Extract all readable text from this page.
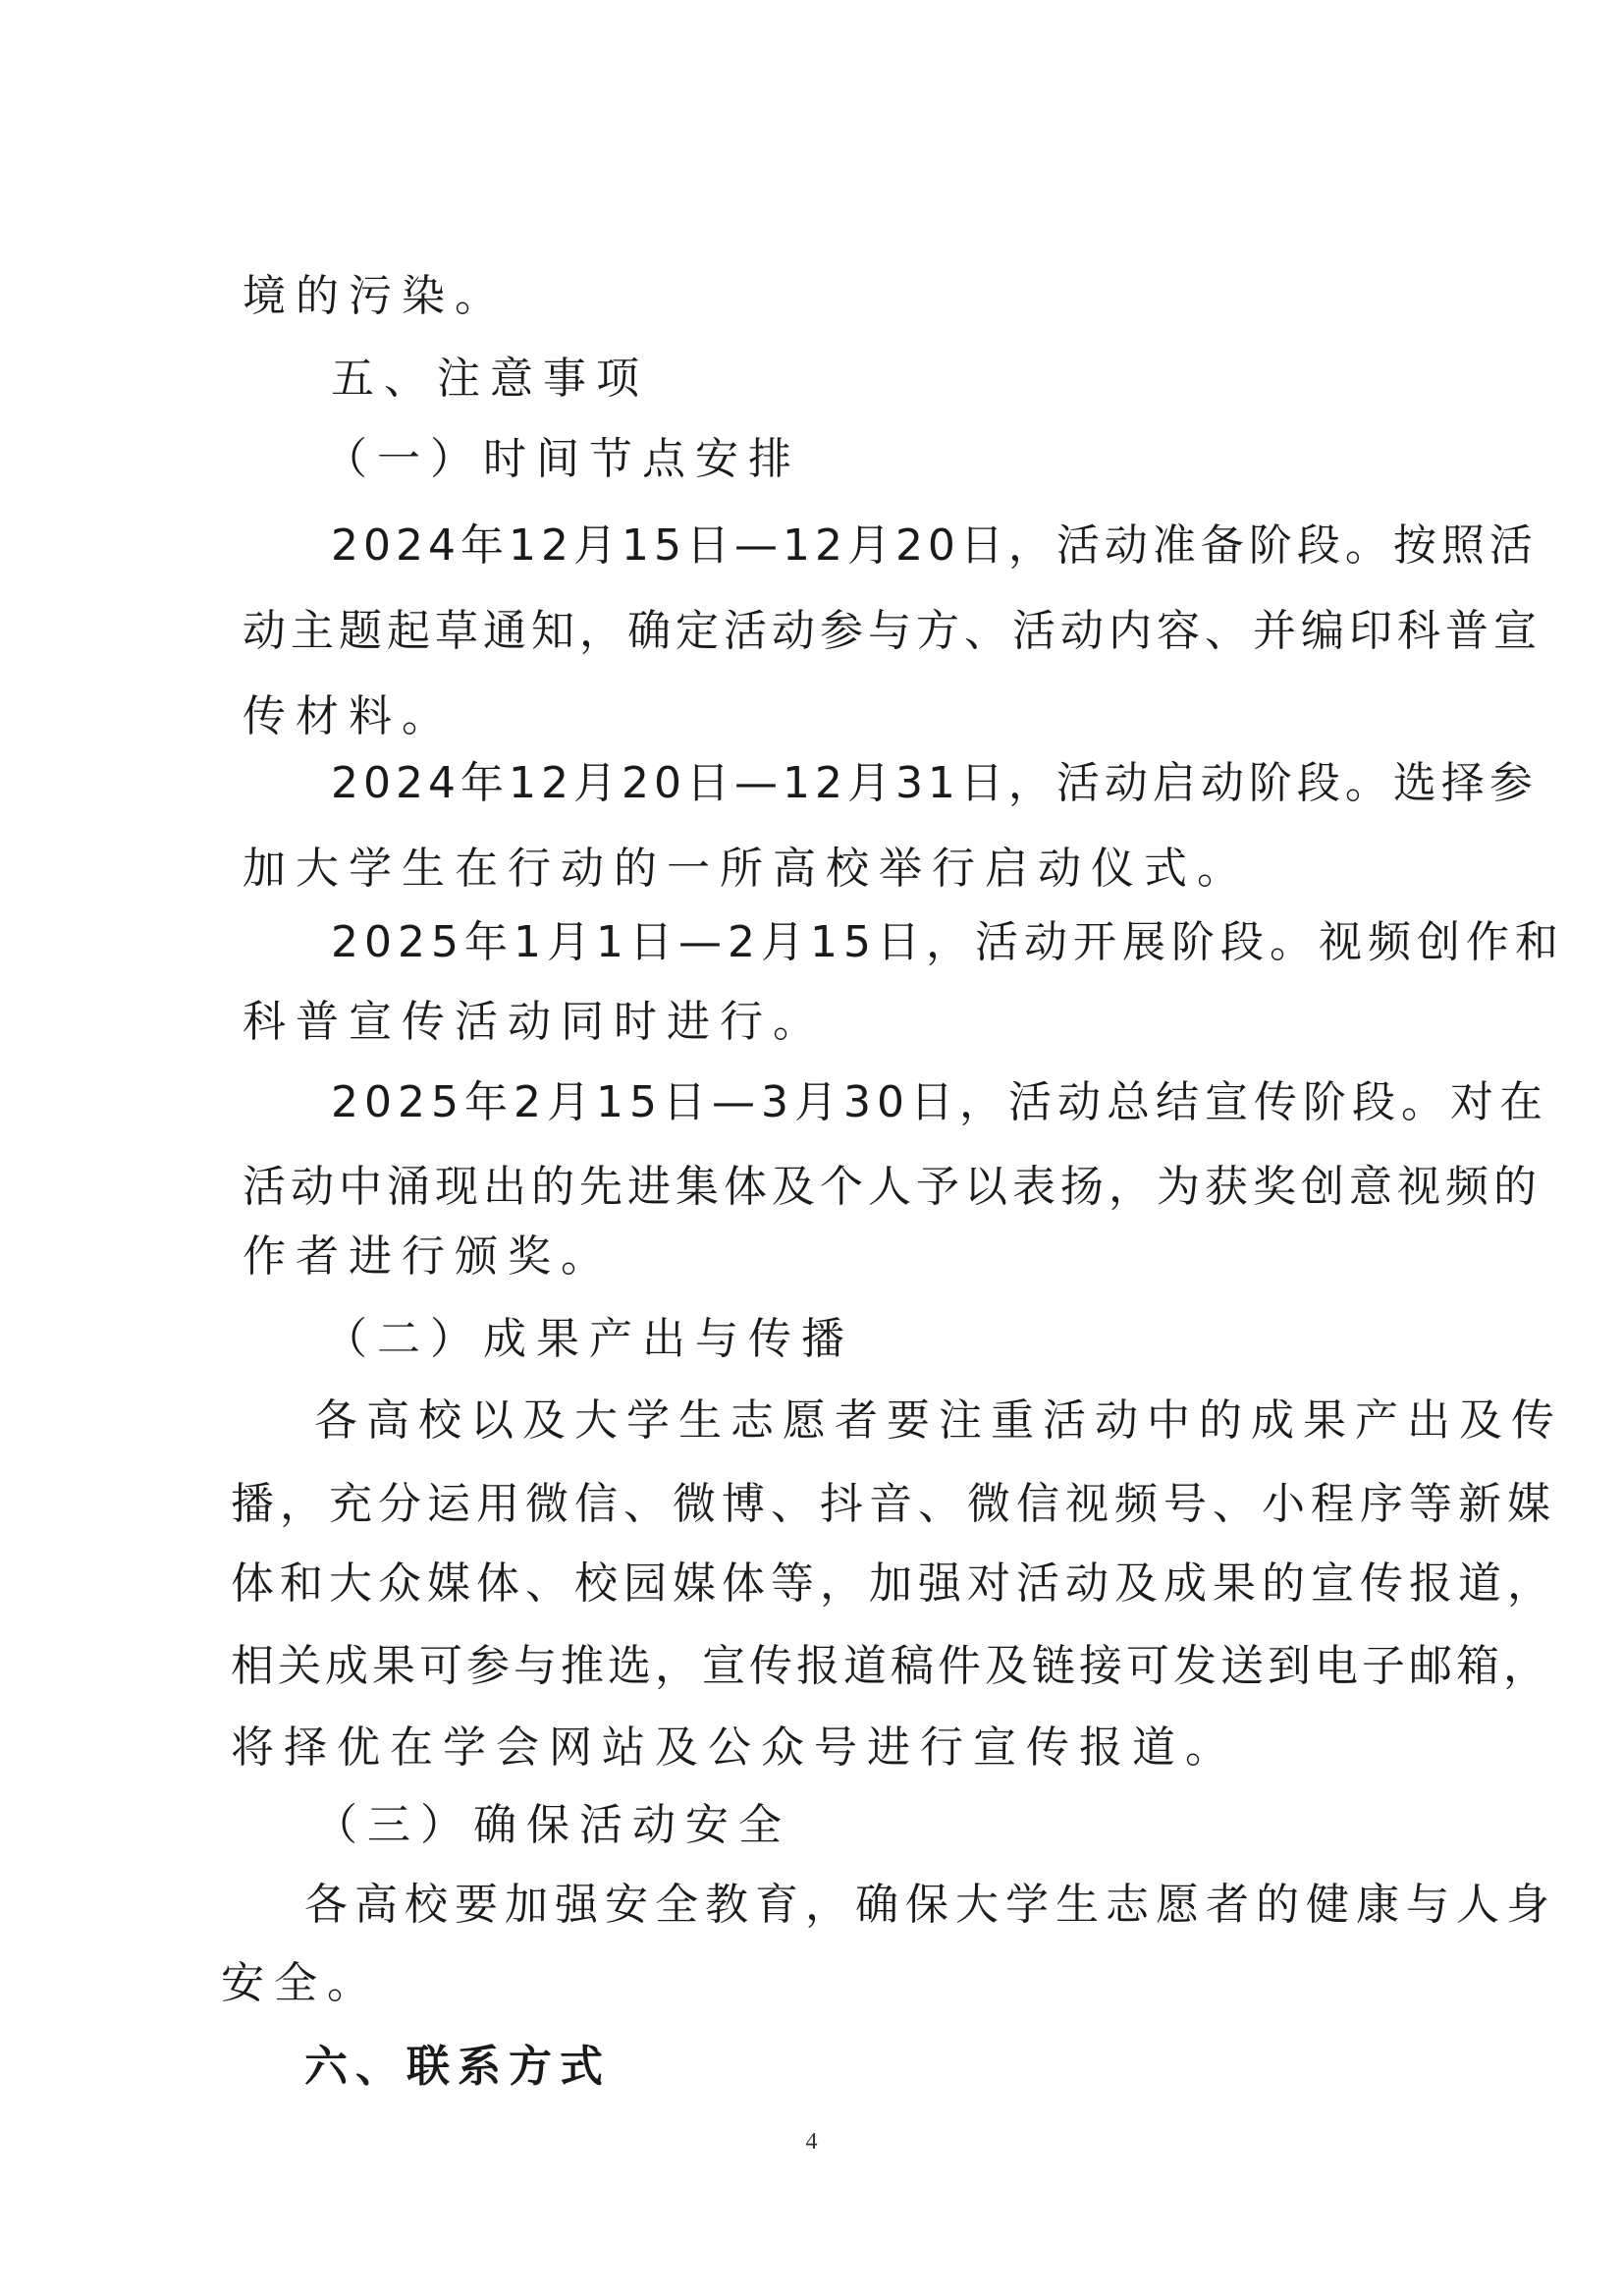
境的污染。
五、注意事项
（一）时间节点安排
2024年12月15日—12月20日，活动准备阶段。按照活
动主题起草通知，确定活动参与方、活动内容、并编印科普宣
传材料。
2024年12月20日—12月31日，活动启动阶段。选择参
加大学生在行动的一所高校举行启动仪式。
2025年1月1日—2月15日，活动开展阶段。视频创作和
科普宣传活动同时进行。
2025年2月15日—3月30日，活动总结宣传阶段。对在
活动中涌现出的先进集体及个人予以表扬，为获奖创意视频的
作者进行颁奖。
（二）成果产出与传播
各高校以及大学生志愿者要注重活动中的成果产出及传
播，充分运用微信、微博、抖音、微信视频号、小程序等新媒
体和大众媒体、校园媒体等，加强对活动及成果的宣传报道，
相关成果可参与推选，宣传报道稿件及链接可发送到电子邮箱，
将择优在学会网站及公众号进行宣传报道。
（三）确保活动安全
各高校要加强安全教育，确保大学生志愿者的健康与人身
安全。
六、联系方式
4
